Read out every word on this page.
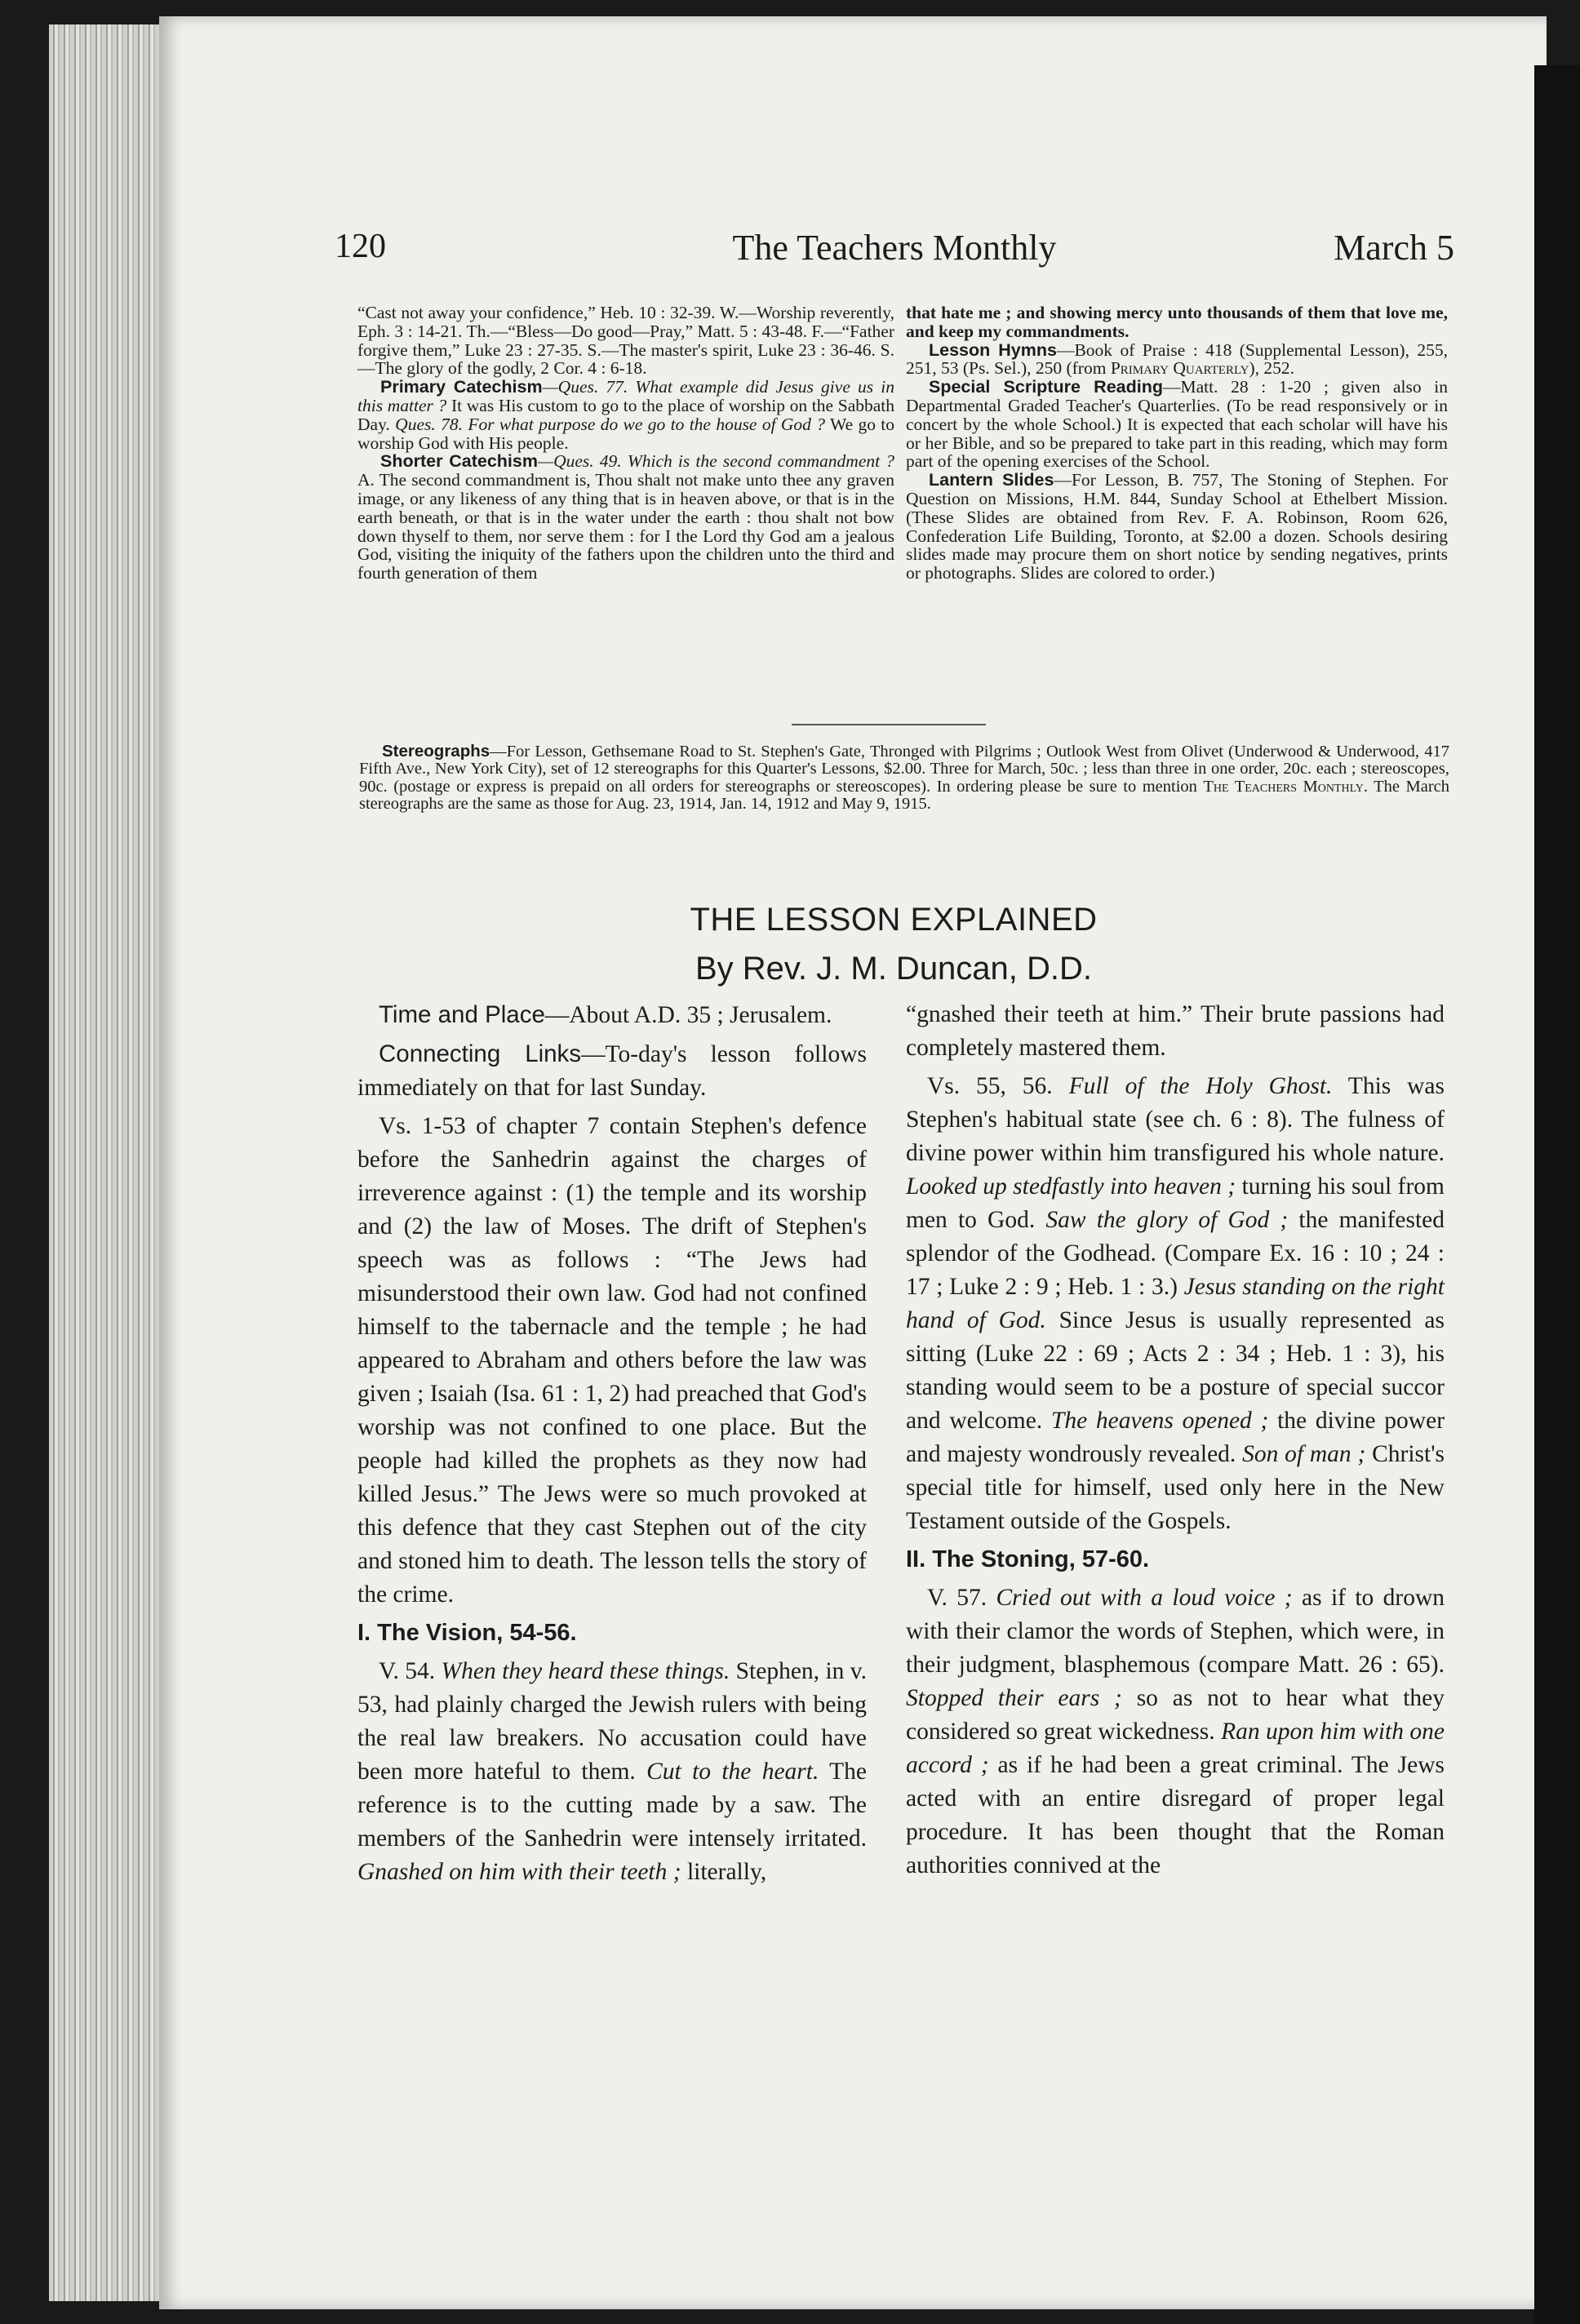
120	The Teachers Monthly	March 5

“Cast not away your confidence,” Heb. 10 : 32-39. W.—Worship reverently, Eph. 3 : 14-21. Th.—“Bless—Do good—Pray,” Matt. 5 : 43-48. F.—“Father forgive them,” Luke 23 : 27-35. S.—The master's spirit, Luke 23 : 36-46. S.—The glory of the godly, 2 Cor. 4 : 6-18.

Primary Catechism—Ques. 77. What example did Jesus give us in this matter ? It was His custom to go to the place of worship on the Sabbath Day. Ques. 78. For what purpose do we go to the house of God ? We go to worship God with His people.

Shorter Catechism—Ques. 49. Which is the second commandment ? A. The second commandment is, Thou shalt not make unto thee any graven image, or any likeness of any thing that is in heaven above, or that is in the earth beneath, or that is in the water under the earth : thou shalt not bow down thyself to them, nor serve them : for I the Lord thy God am a jealous God, visiting the iniquity of the fathers upon the children unto the third and fourth generation of them

that hate me ; and showing mercy unto thousands of them that love me, and keep my commandments.

Lesson Hymns—Book of Praise : 418 (Supplemental Lesson), 255, 251, 53 (Ps. Sel.), 250 (from Primary Quarterly), 252.

Special Scripture Reading—Matt. 28 : 1-20 ; given also in Departmental Graded Teacher's Quarterlies. (To be read responsively or in concert by the whole School.) It is expected that each scholar will have his or her Bible, and so be prepared to take part in this reading, which may form part of the opening exercises of the School.

Lantern Slides—For Lesson, B. 757, The Stoning of Stephen. For Question on Missions, H.M. 844, Sunday School at Ethelbert Mission. (These Slides are obtained from Rev. F. A. Robinson, Room 626, Confederation Life Building, Toronto, at $2.00 a dozen. Schools desiring slides made may procure them on short notice by sending negatives, prints or photographs. Slides are colored to order.)

Stereographs—For Lesson, Gethsemane Road to St. Stephen's Gate, Thronged with Pilgrims ; Outlook West from Olivet (Underwood & Underwood, 417 Fifth Ave., New York City), set of 12 stereographs for this Quarter's Lessons, $2.00. Three for March, 50c. ; less than three in one order, 20c. each ; stereoscopes, 90c. (postage or express is prepaid on all orders for stereographs or stereoscopes). In ordering please be sure to mention The Teachers Monthly. The March stereographs are the same as those for Aug. 23, 1914, Jan. 14, 1912 and May 9, 1915.

THE LESSON EXPLAINED
By Rev. J. M. Duncan, D.D.

Time and Place—About A.D. 35 ; Jerusalem.

Connecting Links—To-day's lesson follows immediately on that for last Sunday.

Vs. 1-53 of chapter 7 contain Stephen's defence before the Sanhedrin against the charges of irreverence against : (1) the temple and its worship and (2) the law of Moses. The drift of Stephen's speech was as follows : “The Jews had misunderstood their own law. God had not confined himself to the tabernacle and the temple ; he had appeared to Abraham and others before the law was given ; Isaiah (Isa. 61 : 1, 2) had preached that God's worship was not confined to one place. But the people had killed the prophets as they now had killed Jesus.” The Jews were so much provoked at this defence that they cast Stephen out of the city and stoned him to death. The lesson tells the story of the crime.

I. The Vision, 54-56.

V. 54. When they heard these things. Stephen, in v. 53, had plainly charged the Jewish rulers with being the real law breakers. No accusation could have been more hateful to them. Cut to the heart. The reference is to the cutting made by a saw. The members of the Sanhedrin were intensely irritated. Gnashed on him with their teeth ; literally,

“gnashed their teeth at him.” Their brute passions had completely mastered them.

Vs. 55, 56. Full of the Holy Ghost. This was Stephen's habitual state (see ch. 6 : 8). The fulness of divine power within him transfigured his whole nature. Looked up stedfastly into heaven ; turning his soul from men to God. Saw the glory of God ; the manifested splendor of the Godhead. (Compare Ex. 16 : 10 ; 24 : 17 ; Luke 2 : 9 ; Heb. 1 : 3.) Jesus standing on the right hand of God. Since Jesus is usually represented as sitting (Luke 22 : 69 ; Acts 2 : 34 ; Heb. 1 : 3), his standing would seem to be a posture of special succor and welcome. The heavens opened ; the divine power and majesty wondrously revealed. Son of man ; Christ's special title for himself, used only here in the New Testament outside of the Gospels.

II. The Stoning, 57-60.

V. 57. Cried out with a loud voice ; as if to drown with their clamor the words of Stephen, which were, in their judgment, blasphemous (compare Matt. 26 : 65). Stopped their ears ; so as not to hear what they considered so great wickedness. Ran upon him with one accord ; as if he had been a great criminal. The Jews acted with an entire disregard of proper legal procedure. It has been thought that the Roman authorities connived at the
